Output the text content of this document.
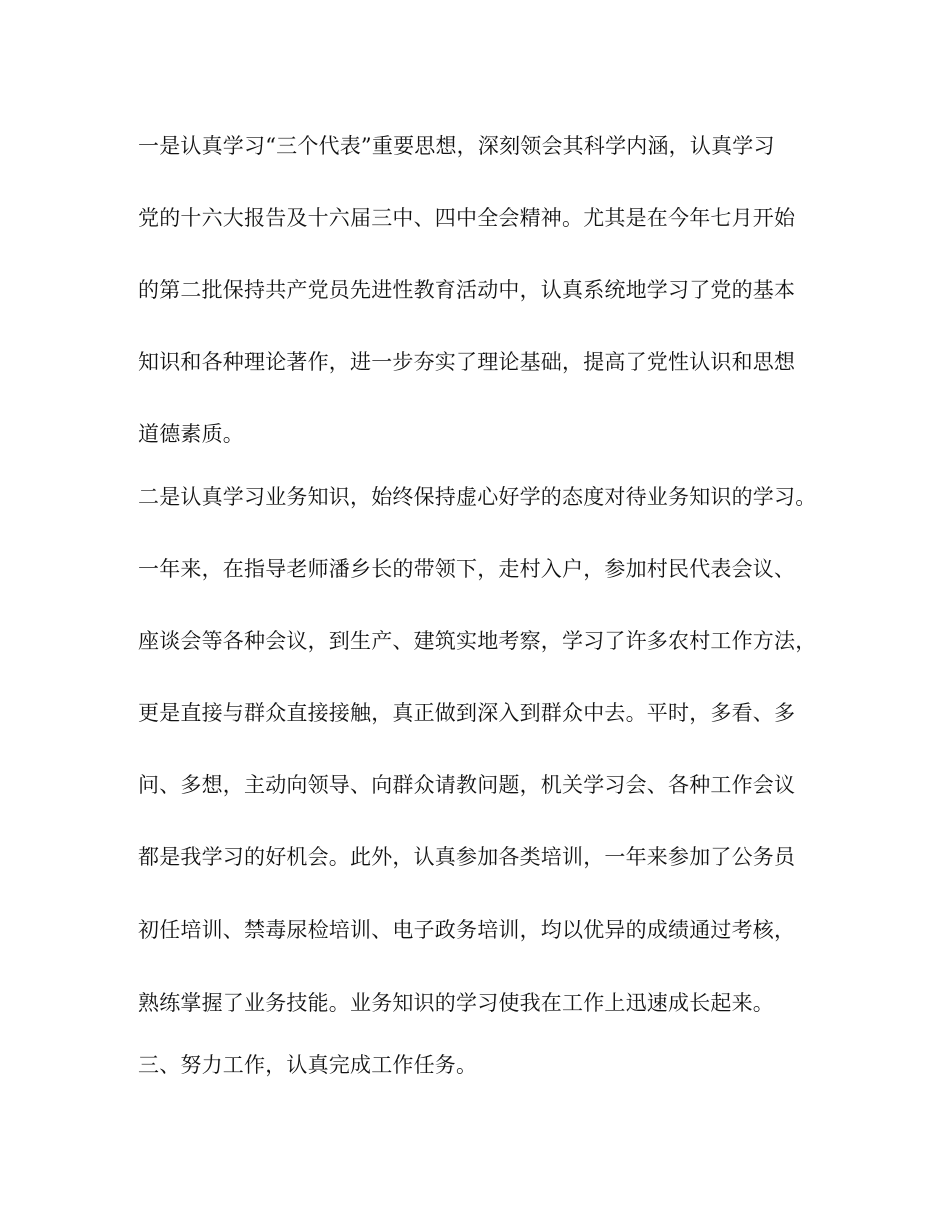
一是认真学习“三个代表”重要思想，深刻领会其科学内涵，认真学习

党的十六大报告及十六届三中、四中全会精神。尤其是在今年七月开始

的第二批保持共产党员先进性教育活动中，认真系统地学习了党的基本

知识和各种理论著作，进一步夯实了理论基础，提高了党性认识和思想

道德素质。

二是认真学习业务知识，始终保持虚心好学的态度对待业务知识的学习。

一年来，在指导老师潘乡长的带领下，走村入户，参加村民代表会议、

座谈会等各种会议，到生产、建筑实地考察，学习了许多农村工作方法，

更是直接与群众直接接触，真正做到深入到群众中去。平时，多看、多

问、多想，主动向领导、向群众请教问题，机关学习会、各种工作会议

都是我学习的好机会。此外，认真参加各类培训，一年来参加了公务员

初任培训、禁毒尿检培训、电子政务培训，均以优异的成绩通过考核，

熟练掌握了业务技能。业务知识的学习使我在工作上迅速成长起来。

三、努力工作，认真完成工作任务。
